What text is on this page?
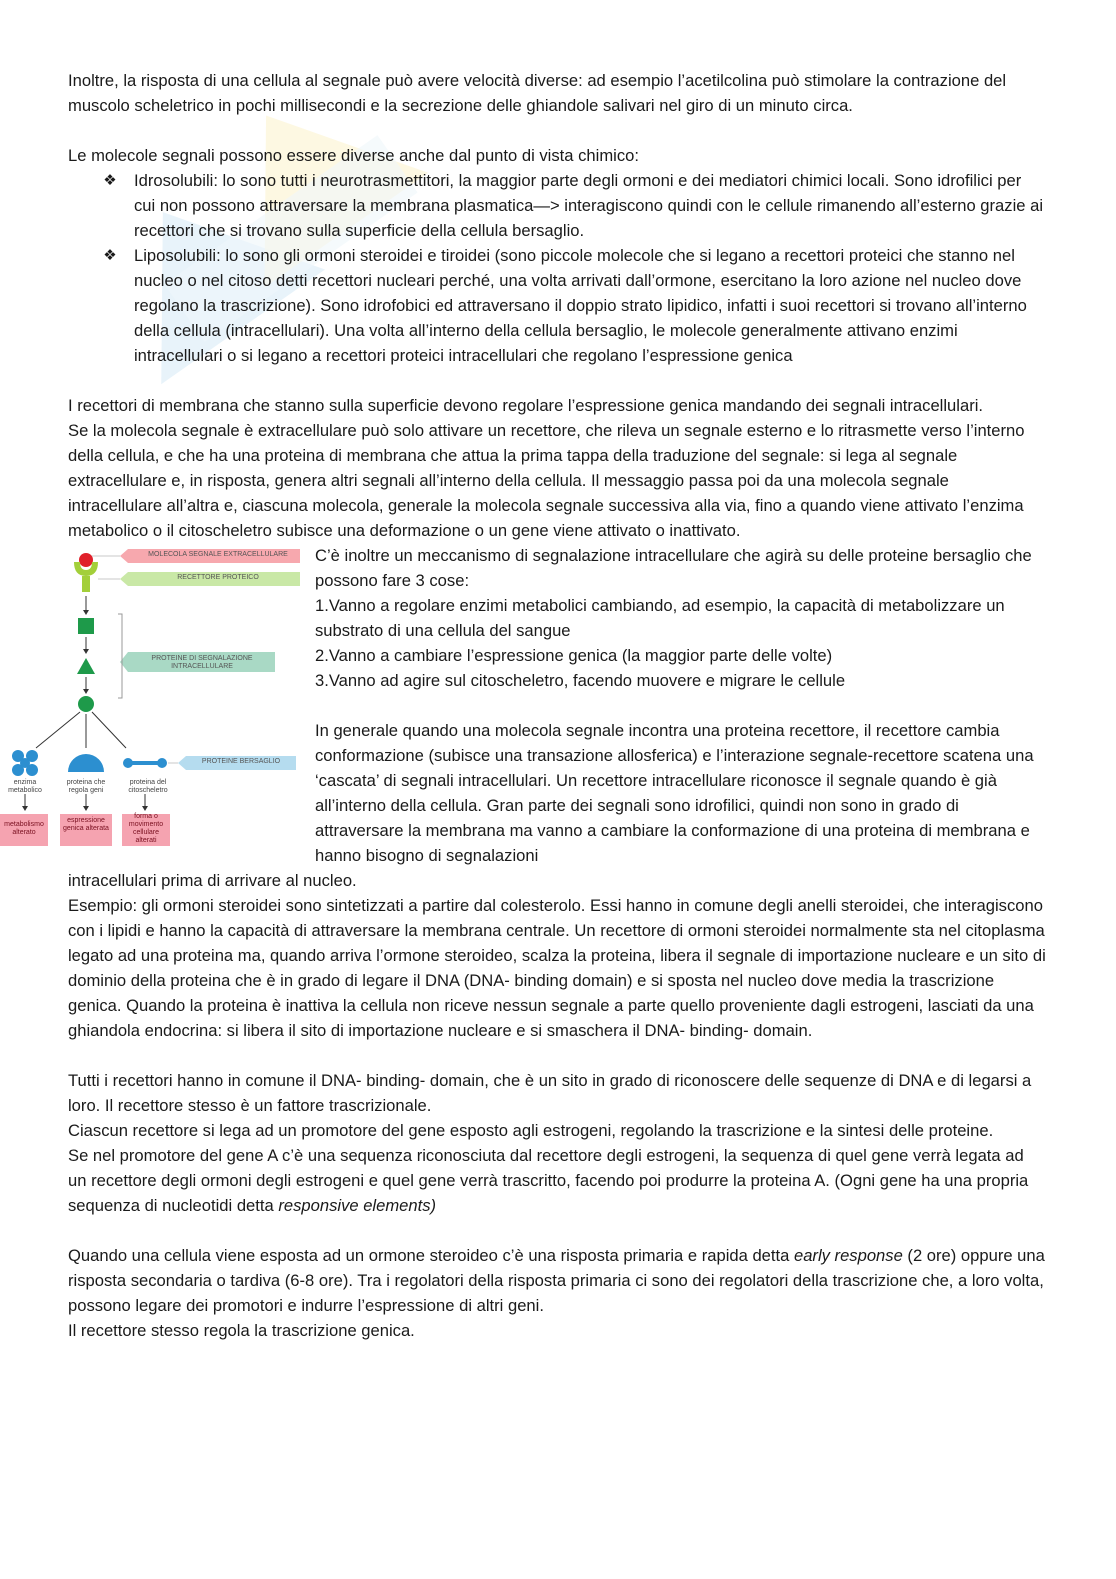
Inoltre, la risposta di una cellula al segnale può avere velocità diverse: ad esempio l’acetilcolina può stimolare la contrazione del muscolo scheletrico in pochi millisecondi e la secrezione delle ghiandole salivari nel giro di un minuto circa.

Le molecole segnali possono essere diverse anche dal punto di vista chimico:

❖ Idrosolubili: lo sono tutti i neurotrasmettitori, la maggior parte degli ormoni e dei mediatori chimici locali. Sono idrofilici per cui non possono attraversare la membrana plasmatica—> interagiscono quindi con le cellule rimanendo all’esterno grazie ai recettori che si trovano sulla superficie della cellula bersaglio.
❖ Liposolubili: lo sono gli ormoni steroidei e tiroidei (sono piccole molecole che si legano a recettori proteici che stanno nel nucleo o nel citoso detti recettori nucleari perché, una volta arrivati dall’ormone, esercitano la loro azione nel nucleo dove regolano la trascrizione). Sono idrofobici ed attraversano il doppio strato lipidico, infatti i suoi recettori si trovano all’interno della cellula (intracellulari). Una volta all’interno della cellula bersaglio, le molecole generalmente attivano enzimi intracellulari o si legano a recettori proteici intracellulari che regolano l’espressione genica

I recettori di membrana che stanno sulla superficie devono regolare l’espressione genica mandando dei segnali intracellulari.

Se la molecola segnale è extracellulare può solo attivare un recettore, che rileva un segnale esterno e lo ritrasmette verso l’interno della cellula, e che ha una proteina di membrana che attua la prima tappa della traduzione del segnale: si lega al segnale extracellulare e, in risposta, genera altri segnali all’interno della cellula. Il messaggio passa poi da una molecola segnale intracellulare all’altra e, ciascuna molecola, generale la molecola segnale successiva alla via, fino a quando viene attivato l’enzima metabolico o il citoscheletro subisce una deformazione o un gene viene attivato o inattivato.

MOLECOLA SEGNALE EXTRACELLULARE
RECETTORE PROTEICO
PROTEINE DI SEGNALAZIONE INTRACELLULARE
PROTEINE BERSAGLIO
enzima metabolico
proteina che regola geni
proteina del citoscheletro
metabolismo alterato
espressione genica alterata
forma o movimento cellulare alterati

C’è inoltre un meccanismo di segnalazione intracellulare che agirà su delle proteine bersaglio che possono fare 3 cose:

1.Vanno a regolare enzimi metabolici cambiando, ad esempio, la capacità di metabolizzare un substrato di una cellula del sangue

2.Vanno a cambiare l’espressione genica (la maggior parte delle volte)

3.Vanno ad agire sul citoscheletro, facendo muovere e migrare le cellule

In generale quando una molecola segnale incontra una proteina recettore, il recettore cambia conformazione (subisce una transazione allosferica) e l’interazione segnale-recettore scatena una ‘cascata’ di segnali intracellulari. Un recettore intracellulare riconosce il segnale quando è già all’interno della cellula. Gran parte dei segnali sono idrofilici, quindi non sono in grado di attraversare la membrana ma vanno a cambiare la conformazione di una proteina di membrana e hanno bisogno di segnalazioni

intracellulari prima di arrivare al nucleo.

Esempio: gli ormoni steroidei sono sintetizzati a partire dal colesterolo. Essi hanno in comune degli anelli steroidei, che interagiscono con i lipidi e hanno la capacità di attraversare la membrana centrale. Un recettore di ormoni steroidei normalmente sta nel citoplasma legato ad una proteina ma, quando arriva l’ormone steroideo, scalza la proteina, libera il segnale di importazione nucleare e un sito di dominio della proteina che è in grado di legare il DNA (DNA- binding domain) e si sposta nel nucleo dove media la trascrizione genica. Quando la proteina è inattiva la cellula non riceve nessun segnale a parte quello proveniente dagli estrogeni, lasciati da una ghiandola endocrina: si libera il sito di importazione nucleare e si smaschera il DNA- binding- domain.

Tutti i recettori hanno in comune il DNA- binding- domain, che è un sito in grado di riconoscere delle sequenze di DNA e di legarsi a loro. Il recettore stesso è un fattore trascrizionale.

Ciascun recettore si lega ad un promotore del gene esposto agli estrogeni, regolando la trascrizione e la sintesi delle proteine.

Se nel promotore del gene A c’è una sequenza riconosciuta dal recettore degli estrogeni, la sequenza di quel gene verrà legata ad un recettore degli ormoni degli estrogeni e quel gene verrà trascritto, facendo poi produrre la proteina A. (Ogni gene ha una propria sequenza di nucleotidi detta responsive elements)

Quando una cellula viene esposta ad un ormone steroideo c’è una risposta primaria e rapida detta early response (2 ore) oppure una risposta secondaria o tardiva (6-8 ore). Tra i regolatori della risposta primaria ci sono dei regolatori della trascrizione che, a loro volta, possono legare dei promotori e indurre l’espressione di altri geni.

Il recettore stesso regola la trascrizione genica.
